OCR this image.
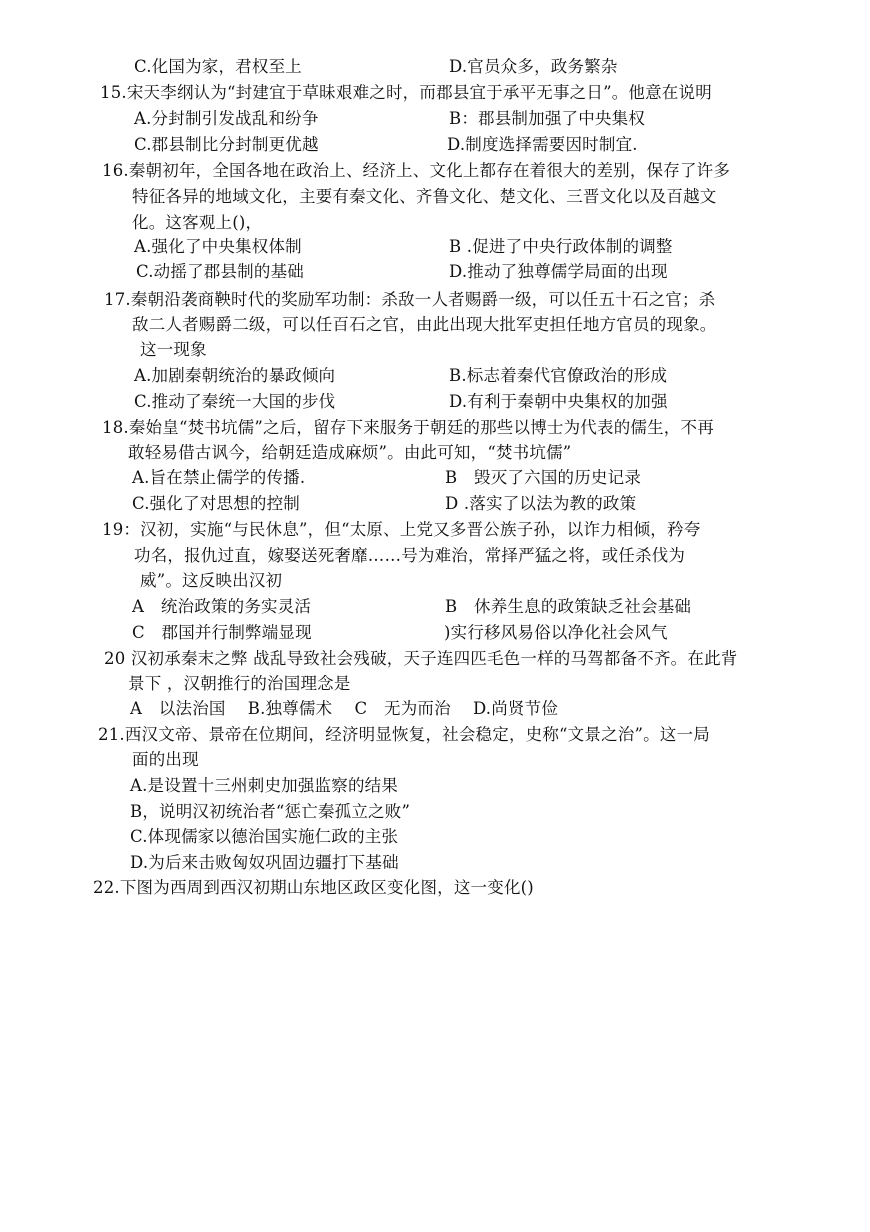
C.化国为家，君权至上	D.官员众多，政务繁杂
15.宋天李纲认为“封建宜于草昧艰难之时，而郡县宜于承平无事之日”。他意在说明
A.分封制引发战乱和纷争	B：郡县制加强了中央集权
C.郡县制比分封制更优越	D.制度选择需要因时制宜.
16.秦朝初年，全国各地在政治上、经济上、文化上都存在着很大的差别，保存了许多
特征各异的地域文化，主要有秦文化、齐鲁文化、楚文化、三晋文化以及百越文
化。这客观上()，
A.强化了中央集权体制	B .促进了中央行政体制的调整
C.动摇了郡县制的基础	D.推动了独尊儒学局面的出现
17.秦朝沿袭商鞅时代的奖励军功制：杀敌一人者赐爵一级，可以任五十石之官；杀
敌二人者赐爵二级，可以任百石之官，由此出现大批军吏担任地方官员的现象。
这一现象
A.加剧秦朝统治的暴政倾向	B.标志着秦代官僚政治的形成
C.推动了秦统一大国的步伐	D.有利于秦朝中央集权的加强
18.秦始皇“焚书坑儒”之后，留存下来服务于朝廷的那些以博士为代表的儒生，不再
敢轻易借古讽今，给朝廷造成麻烦”。由此可知，“焚书坑儒”
A.旨在禁止儒学的传播.	B　毁灭了六国的历史记录
C.强化了对思想的控制	D .落实了以法为教的政策
19：汉初，实施“与民休息”，但“太原、上党又多晋公族子孙，以诈力相倾，矜夸
功名，报仇过直，嫁娶送死奢靡……号为难治，常择严猛之将，或任杀伐为
威”。这反映出汉初
A　统治政策的务实灵活	B　休养生息的政策缺乏社会基础
C　郡国并行制弊端显现	)实行移风易俗以净化社会风气
20 汉初承秦末之弊 战乱导致社会残破，天子连四匹毛色一样的马驾都备不齐。在此背
景下 ，汉朝推行的治国理念是
A　以法治国　 B.独尊儒术　 C　无为而治　 D.尚贤节俭
21.西汉文帝、景帝在位期间，经济明显恢复，社会稳定，史称“文景之治”。这一局
面的出现
A.是设置十三州刺史加强监察的结果
B，说明汉初统治者“惩亡秦孤立之败”
C.体现儒家以德治国实施仁政的主张
D.为后来击败匈奴巩固边疆打下基础
22.下图为西周到西汉初期山东地区政区变化图，这一变化()
